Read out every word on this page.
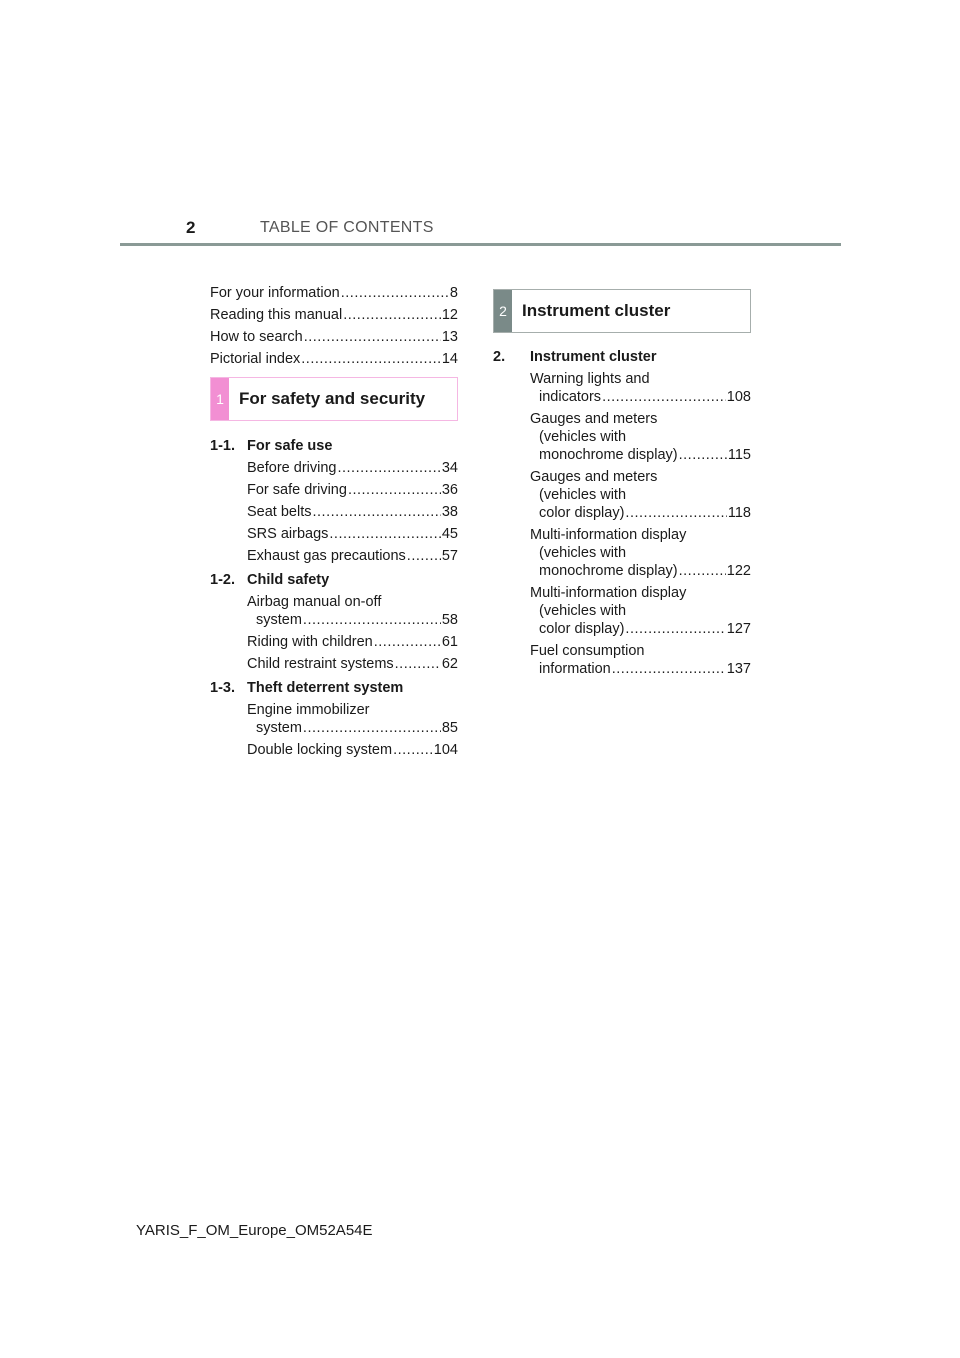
2	TABLE OF CONTENTS
For your information .....	8
Reading this manual .....	12
How to search .....	13
Pictorial index .....	14
1 For safety and security
1-1. For safe use
Before driving .....	34
For safe driving .....	36
Seat belts .....	38
SRS airbags .....	45
Exhaust gas precautions ..... 57
1-2. Child safety
Airbag manual on-off
system .....	58
Riding with children .....	61
Child restraint systems .....	62
1-3. Theft deterrent system
Engine immobilizer
system .....	85
Double locking system .....	104
2 Instrument cluster
2.	Instrument cluster
Warning lights and
indicators .....	108
Gauges and meters
(vehicles with
monochrome display) .....	115
Gauges and meters
(vehicles with
color display) .....	118
Multi-information display
(vehicles with
monochrome display) .....	122
Multi-information display
(vehicles with
color display) .....	127
Fuel consumption
information .....	137
YARIS_F_OM_Europe_OM52A54E
